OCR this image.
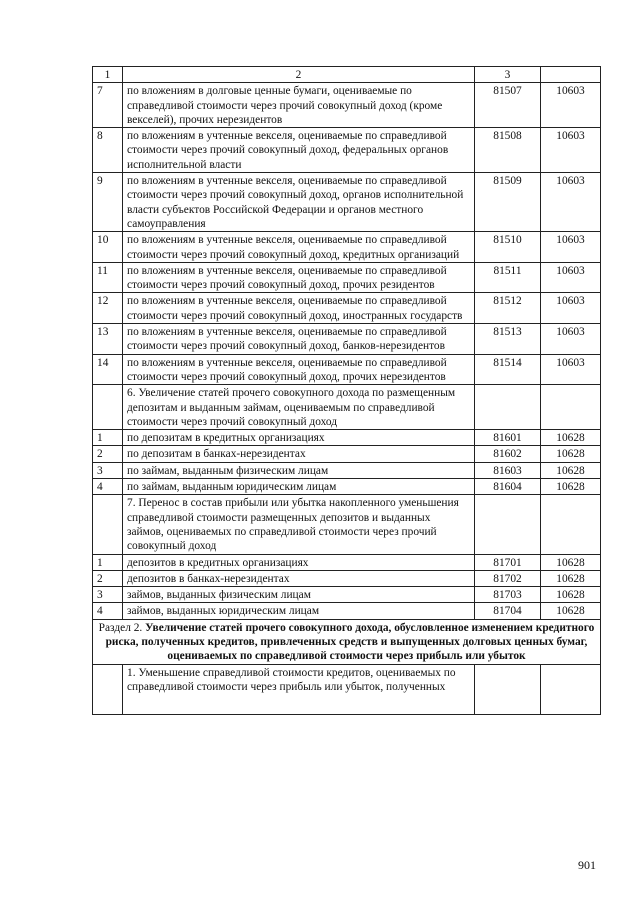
1	2	3	
7	по вложениям в долговые ценные бумаги, оцениваемые по справедливой стоимости через прочий совокупный доход (кроме векселей), прочих нерезидентов	81507	10603
8	по вложениям в учтенные векселя, оцениваемые по справедливой стоимости через прочий совокупный доход, федеральных органов исполнительной власти	81508	10603
9	по вложениям в учтенные векселя, оцениваемые по справедливой стоимости через прочий совокупный доход, органов исполнительной власти субъектов Российской Федерации и органов местного самоуправления	81509	10603
10	по вложениям в учтенные векселя, оцениваемые по справедливой стоимости через прочий совокупный доход, кредитных организаций	81510	10603
11	по вложениям в учтенные векселя, оцениваемые по справедливой стоимости через прочий совокупный доход, прочих резидентов	81511	10603
12	по вложениям в учтенные векселя, оцениваемые по справедливой стоимости через прочий совокупный доход, иностранных государств	81512	10603
13	по вложениям в учтенные векселя, оцениваемые по справедливой стоимости через прочий совокупный доход, банков-нерезидентов	81513	10603
14	по вложениям в учтенные векселя, оцениваемые по справедливой стоимости через прочий совокупный доход, прочих нерезидентов	81514	10603
	6. Увеличение статей прочего совокупного дохода по размещенным депозитам и выданным займам, оцениваемым по справедливой стоимости через прочий совокупный доход		
1	по депозитам в кредитных организациях	81601	10628
2	по депозитам в банках-нерезидентах	81602	10628
3	по займам, выданным физическим лицам	81603	10628
4	по займам, выданным юридическим лицам	81604	10628
	7. Перенос в состав прибыли или убытка накопленного уменьшения справедливой стоимости размещенных депозитов и выданных займов, оцениваемых по справедливой стоимости через прочий совокупный доход		
1	депозитов в кредитных организациях	81701	10628
2	депозитов в банках-нерезидентах	81702	10628
3	займов, выданных физическим лицам	81703	10628
4	займов, выданных юридическим лицам	81704	10628
Раздел 2. Увеличение статей прочего совокупного дохода, обусловленное изменением кредитного риска, полученных кредитов, привлеченных средств и выпущенных долговых ценных бумаг, оцениваемых по справедливой стоимости через прибыль или убыток			
	1. Уменьшение справедливой стоимости кредитов, оцениваемых по справедливой стоимости через прибыль или убыток, полученных		
901
